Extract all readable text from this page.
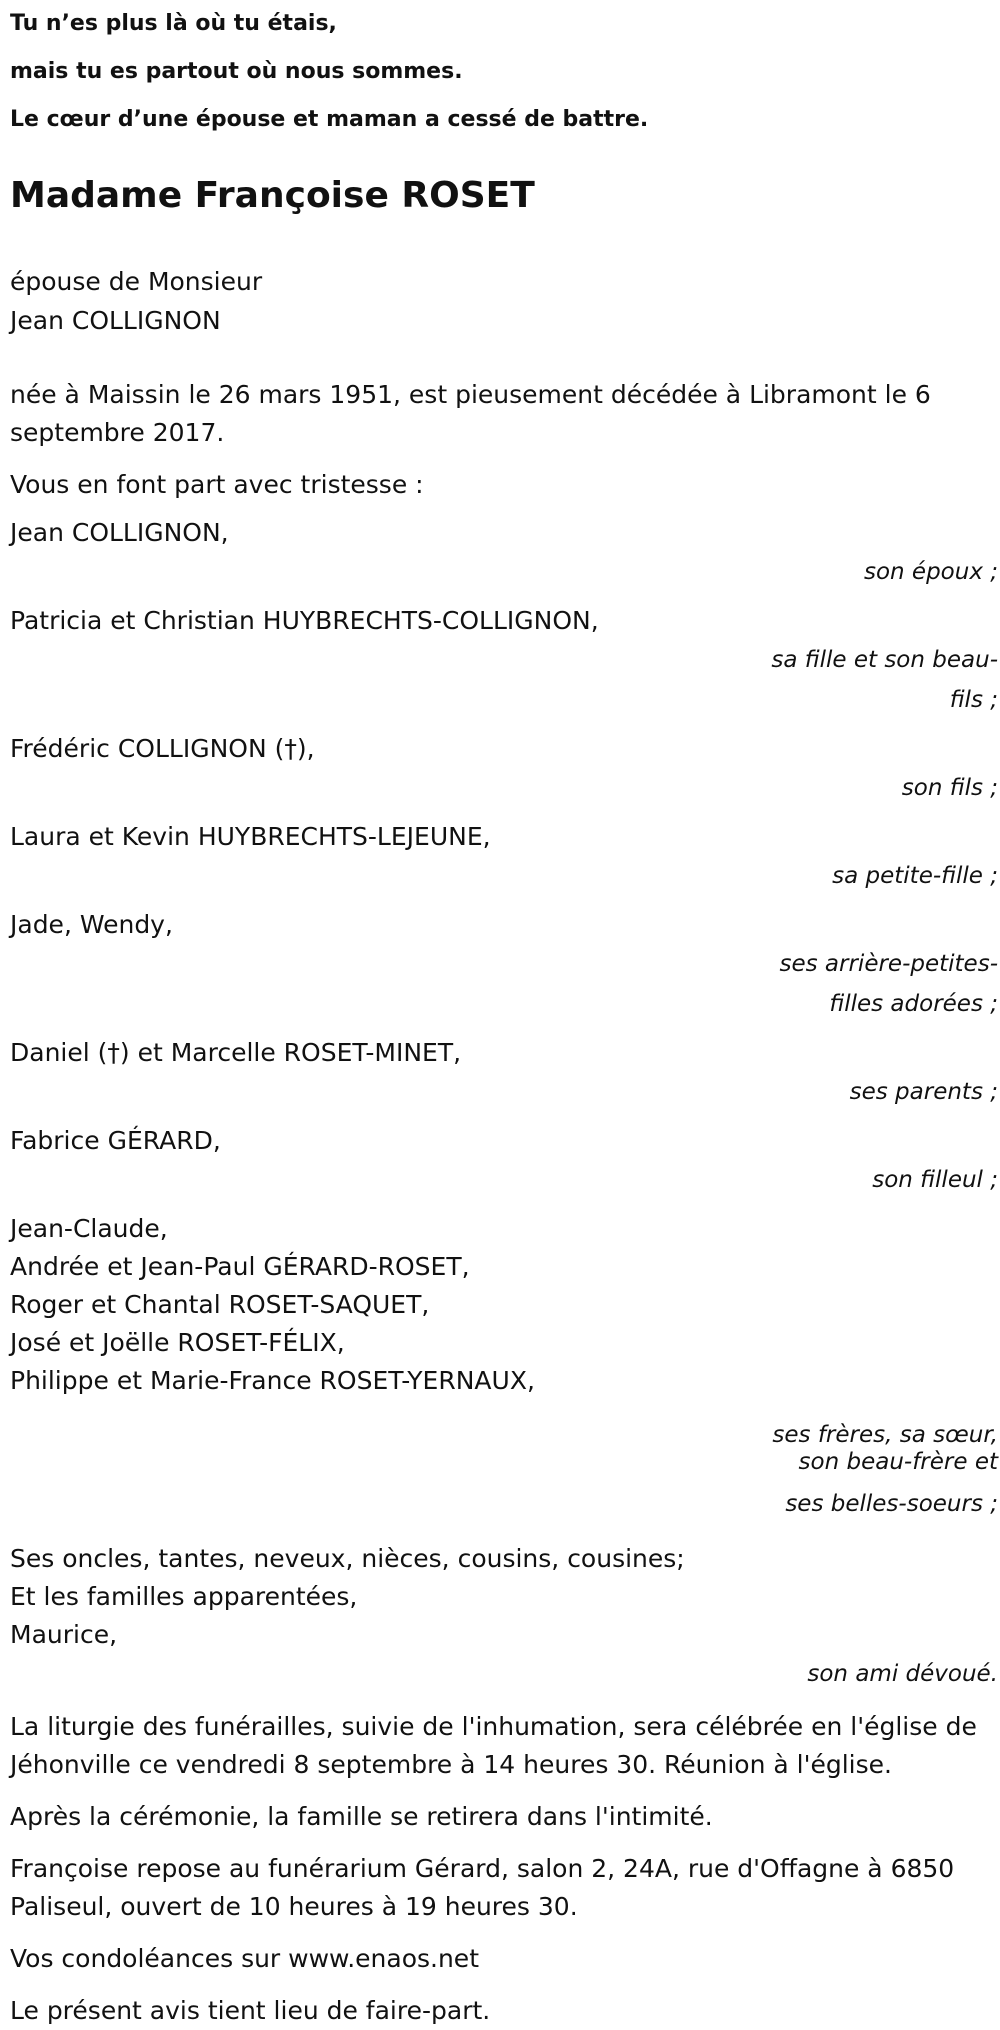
Tu n’es plus là où tu étais,
mais tu es partout où nous sommes.
Le cœur d’une épouse et maman a cessé de battre.
Madame Françoise ROSET
épouse de Monsieur
Jean COLLIGNON
née à Maissin le 26 mars 1951, est pieusement décédée à Libramont le 6 septembre 2017.
Vous en font part avec tristesse :
Jean COLLIGNON,
son époux ;
Patricia et Christian HUYBRECHTS-COLLIGNON,
sa fille et son beau-fils ;
Frédéric COLLIGNON (†),
son fils ;
Laura et Kevin HUYBRECHTS-LEJEUNE,
sa petite-fille ;
Jade, Wendy,
ses arrière-petites-filles adorées ;
Daniel (†) et Marcelle ROSET-MINET,
ses parents ;
Fabrice GÉRARD,
son filleul ;
Jean-Claude,
Andrée et Jean-Paul GÉRARD-ROSET,
Roger et Chantal ROSET-SAQUET,
José et Joëlle ROSET-FÉLIX,
Philippe et Marie-France ROSET-YERNAUX,
ses frères, sa sœur,
son beau-frère et
ses belles-soeurs ;
Ses oncles, tantes, neveux, nièces, cousins, cousines;
Et les familles apparentées,
Maurice,
son ami dévoué.
La liturgie des funérailles, suivie de l'inhumation, sera célébrée en l'église de Jéhonville ce vendredi 8 septembre à 14 heures 30. Réunion à l'église.
Après la cérémonie, la famille se retirera dans l'intimité.
Françoise repose au funérarium Gérard, salon 2, 24A, rue d'Offagne à 6850 Paliseul, ouvert de 10 heures à 19 heures 30.
Vos condoléances sur www.enaos.net
Le présent avis tient lieu de faire-part.
